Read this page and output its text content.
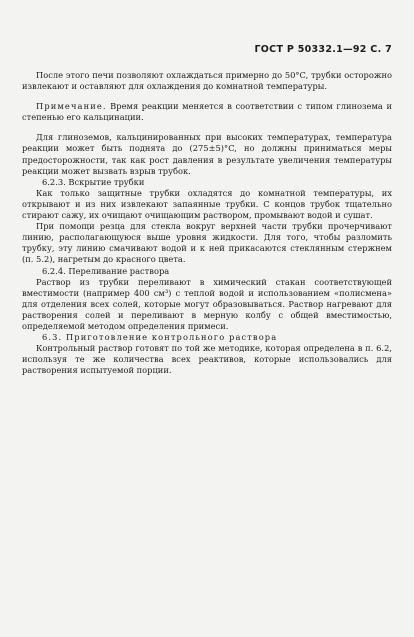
ГОСТ Р 50332.1—92 С. 7

После этого печи позволяют охлаждаться примерно до 50°C, трубки осторожно извлекают и оставляют для охлаждения до комнатной температуры.

Примечание. Время реакции меняется в соответствии с типом глинозема и степенью его кальцинации.

Для глиноземов, кальцинированных при высоких температурах, температура реакции может быть поднята до (275±5)°C, но должны приниматься меры предосторожности, так как рост давления в результате увеличения температуры реакции может вызвать взрыв трубок.

6.2.3. Вскрытие трубки

Как только защитные трубки охладятся до комнатной температуры, их открывают и из них извлекают запаянные трубки. С концов трубок тщательно стирают сажу, их очищают очищающим раствором, промывают водой и сушат.

При помощи резца для стекла вокруг верхней части трубки прочерчивают линию, располагающуюся выше уровня жидкости. Для того, чтобы разломить трубку, эту линию смачивают водой и к ней прикасаются стеклянным стержнем (п. 5.2), нагретым до красного цвета.

6.2.4. Переливание раствора

Раствор из трубки переливают в химический стакан соответствующей вместимости (например 400 см³) с теплой водой и использованием «полисмена» для отделения всех солей, которые могут образовываться. Раствор нагревают для растворения солей и переливают в мерную колбу с общей вместимостью, определяемой методом определения примеси.

6.3. Приготовление контрольного раствора

Контрольный раствор готовят по той же методике, которая определена в п. 6.2, используя те же количества всех реактивов, которые использовались для растворения испытуемой порции.
